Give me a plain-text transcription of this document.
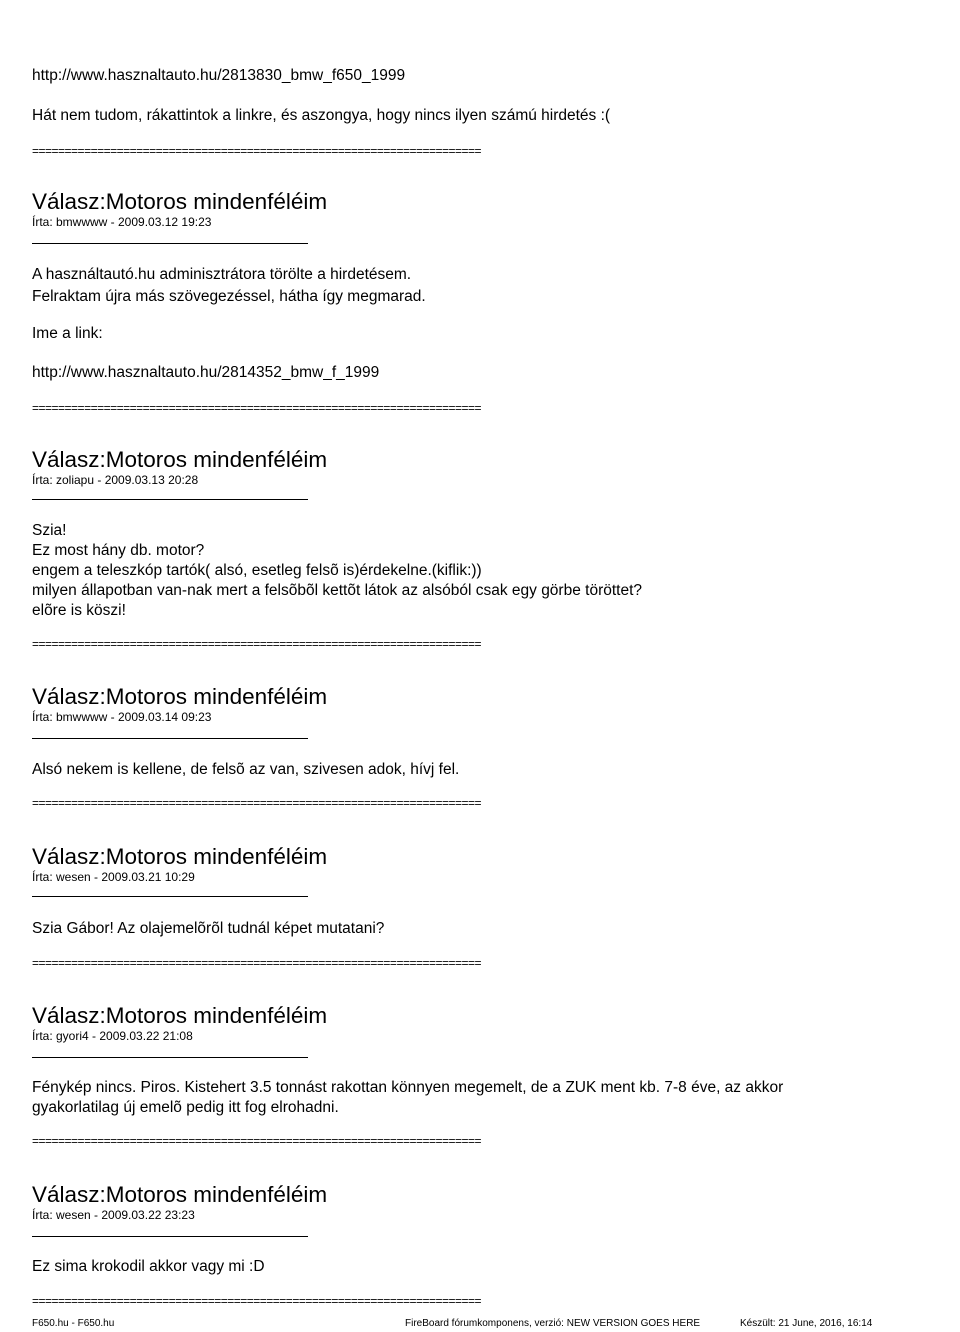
http://www.hasznaltauto.hu/2813830_bmw_f650_1999
Hát nem tudom, rákattintok a linkre, és aszongya, hogy nincs ilyen számú hirdetés :(
=====================================================================
Válasz:Motoros mindenféléim
Írta: bmwwww - 2009.03.12 19:23
A használtautó.hu adminisztrátora törölte a hirdetésem.
Felraktam újra más szövegezéssel, hátha így megmarad.
Ime a link:
http://www.hasznaltauto.hu/2814352_bmw_f_1999
=====================================================================
Válasz:Motoros mindenféléim
Írta: zoliapu - 2009.03.13 20:28
Szia!
Ez most hány db. motor?
engem a teleszkóp tartók( alsó, esetleg felsõ is)érdekelne.(kiflik:))
milyen állapotban van-nak mert a felsõbõl kettõt látok az alsóból csak egy görbe töröttet?
elõre is köszi!
=====================================================================
Válasz:Motoros mindenféléim
Írta: bmwwww - 2009.03.14 09:23
Alsó nekem is kellene, de felsõ az van, szivesen adok, hívj fel.
=====================================================================
Válasz:Motoros mindenféléim
Írta: wesen - 2009.03.21 10:29
Szia Gábor! Az olajemelõrõl tudnál képet mutatani?
=====================================================================
Válasz:Motoros mindenféléim
Írta: gyori4 - 2009.03.22 21:08
Fénykép nincs. Piros. Kistehert 3.5 tonnást rakottan könnyen megemelt, de a ZUK ment kb. 7-8 éve, az akkor
gyakorlatilag új emelõ pedig itt fog elrohadni.
=====================================================================
Válasz:Motoros mindenféléim
Írta: wesen - 2009.03.22 23:23
Ez sima krokodil akkor vagy mi :D
=====================================================================
F650.hu - F650.hu	FireBoard fórumkomponens, verzió: NEW VERSION GOES HERE	Készült: 21 June, 2016, 16:14
